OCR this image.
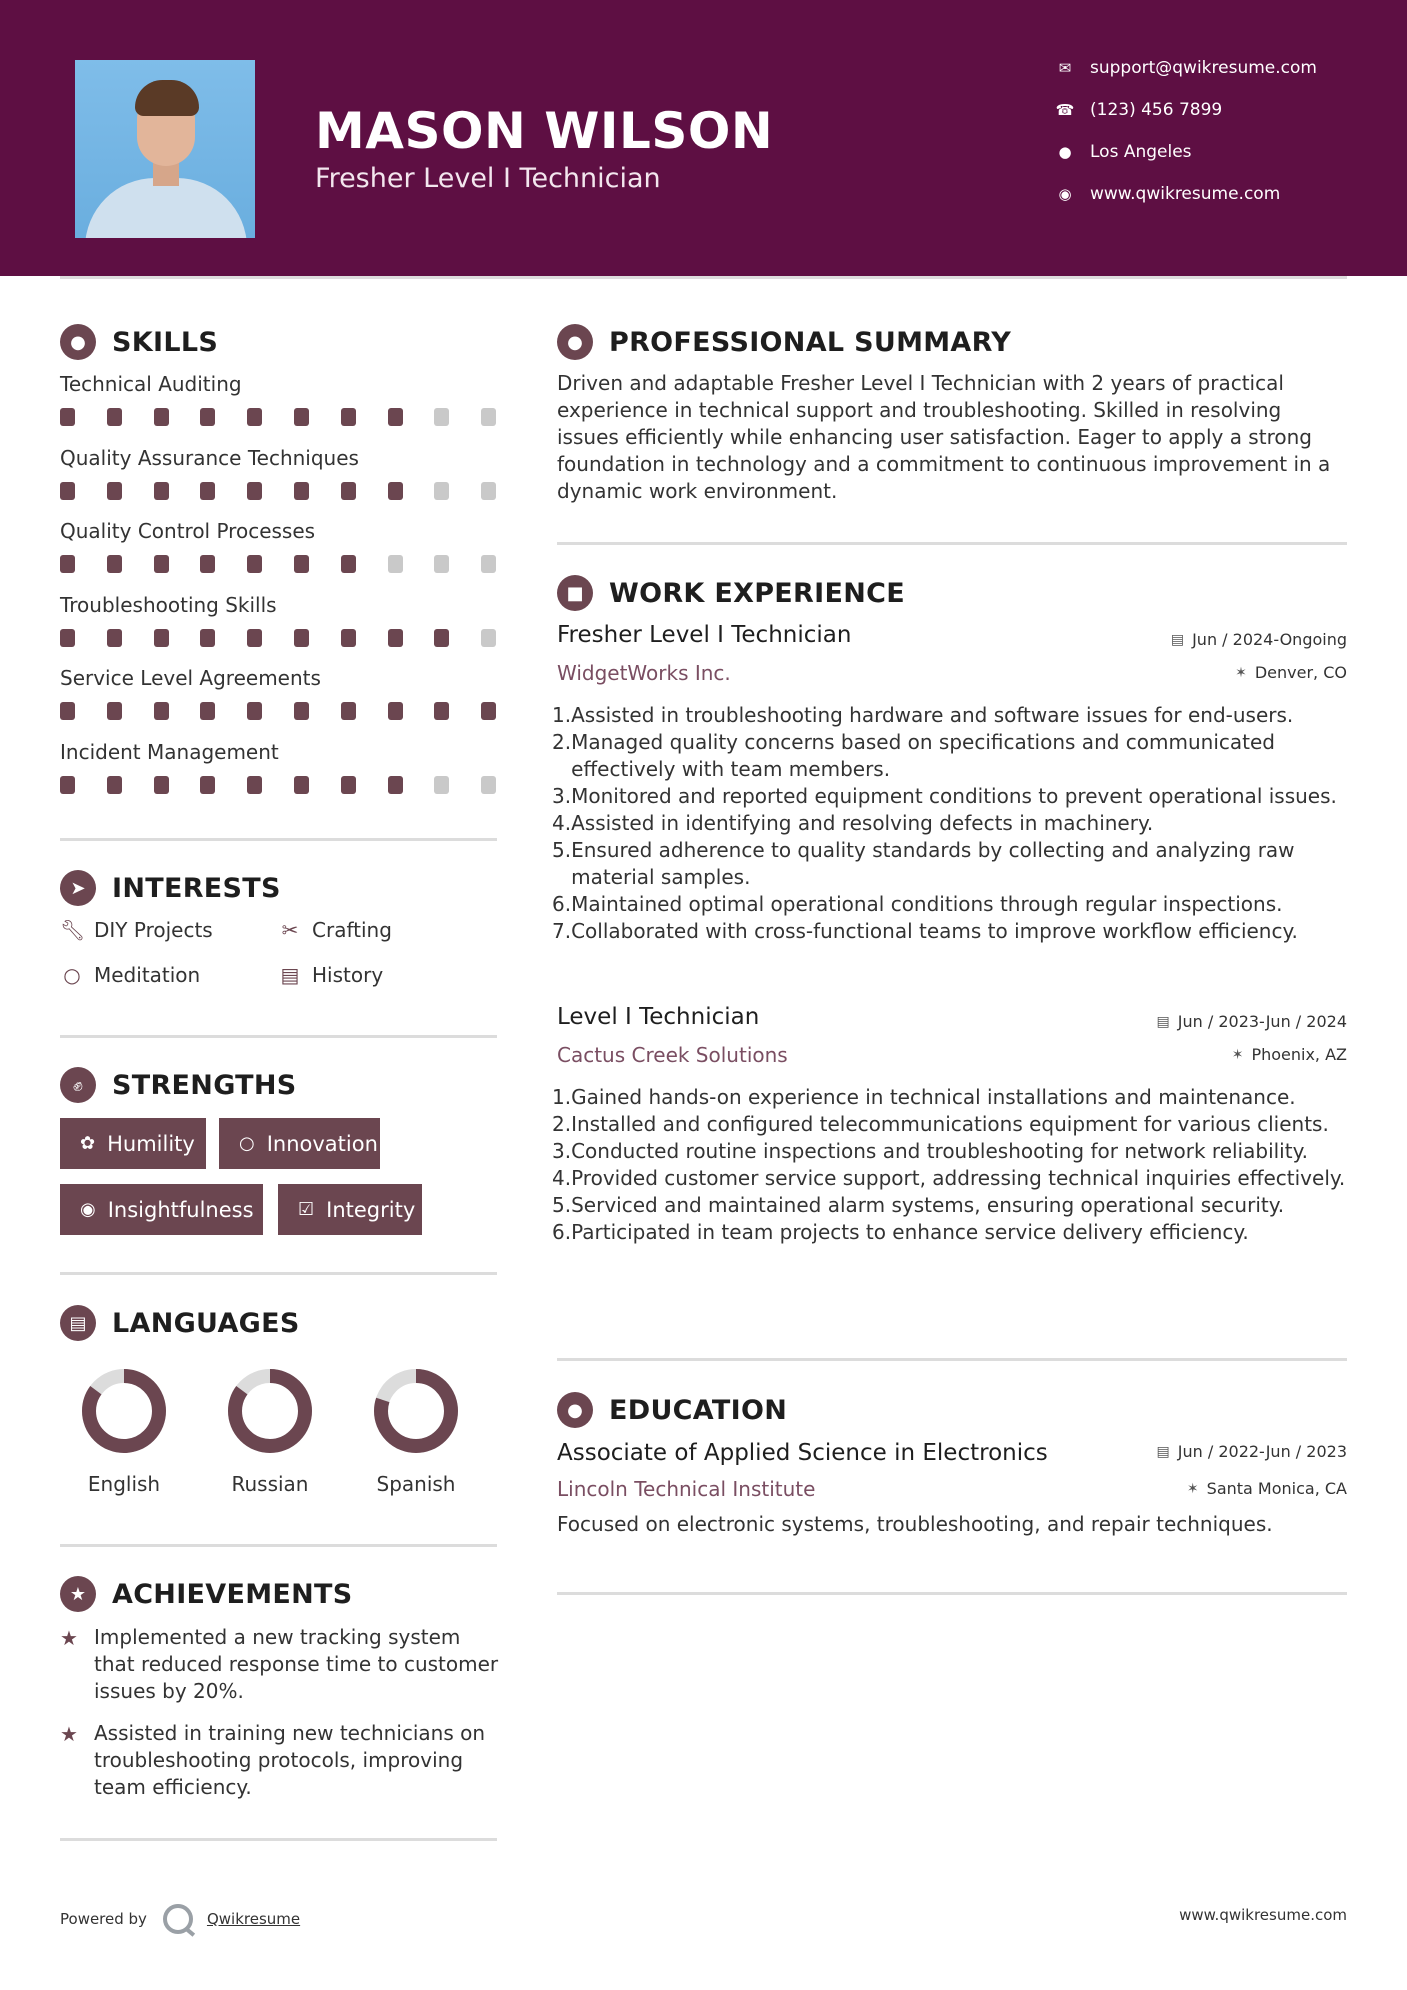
MASON WILSON
Fresher Level I Technician
✉ support@qwikresume.com
☎ (123) 456 7899
● Los Angeles
◉ www.qwikresume.com
● SKILLS
Technical Auditing
Quality Assurance Techniques
Quality Control Processes
Troubleshooting Skills
Service Level Agreements
Incident Management
➤ INTERESTS
🔧︎ DIY Projects	✂ Crafting
○ Meditation	▤ History
✊︎	STRENGTHS
✿ Humility ○ Innovation
◉ Insightfulness ☑ Integrity
▤ LANGUAGES
English	Russian	Spanish
★ ACHIEVEMENTS
★ Implemented a new tracking system that reduced response time to customer issues by 20%.
★ Assisted in training new technicians on troubleshooting protocols, improving team efficiency.
● PROFESSIONAL SUMMARY
Driven and adaptable Fresher Level I Technician with 2 years of practical experience in technical support and troubleshooting. Skilled in resolving issues efficiently while enhancing user satisfaction. Eager to apply a strong foundation in technology and a commitment to continuous improvement in a dynamic work environment.
■ WORK EXPERIENCE
Fresher Level I Technician	▤ Jun / 2024-Ongoing
WidgetWorks Inc.	✶ Denver, CO
1. Assisted in troubleshooting hardware and software issues for end-users.
2. Managed quality concerns based on specifications and communicated effectively with team members.
3. Monitored and reported equipment conditions to prevent operational issues.
4. Assisted in identifying and resolving defects in machinery.
5. Ensured adherence to quality standards by collecting and analyzing raw material samples.
6. Maintained optimal operational conditions through regular inspections.
7. Collaborated with cross-functional teams to improve workflow efficiency.
Level I Technician	▤ Jun / 2023-Jun / 2024
Cactus Creek Solutions	✶ Phoenix, AZ
1. Gained hands-on experience in technical installations and maintenance.
2. Installed and configured telecommunications equipment for various clients.
3. Conducted routine inspections and troubleshooting for network reliability.
4. Provided customer service support, addressing technical inquiries effectively.
5. Serviced and maintained alarm systems, ensuring operational security.
6. Participated in team projects to enhance service delivery efficiency.
● EDUCATION
Associate of Applied Science in Electronics	▤ Jun / 2022-Jun / 2023
Lincoln Technical Institute	✶ Santa Monica, CA
Focused on electronic systems, troubleshooting, and repair techniques.
Powered by	Qwikresume	www.qwikresume.com
